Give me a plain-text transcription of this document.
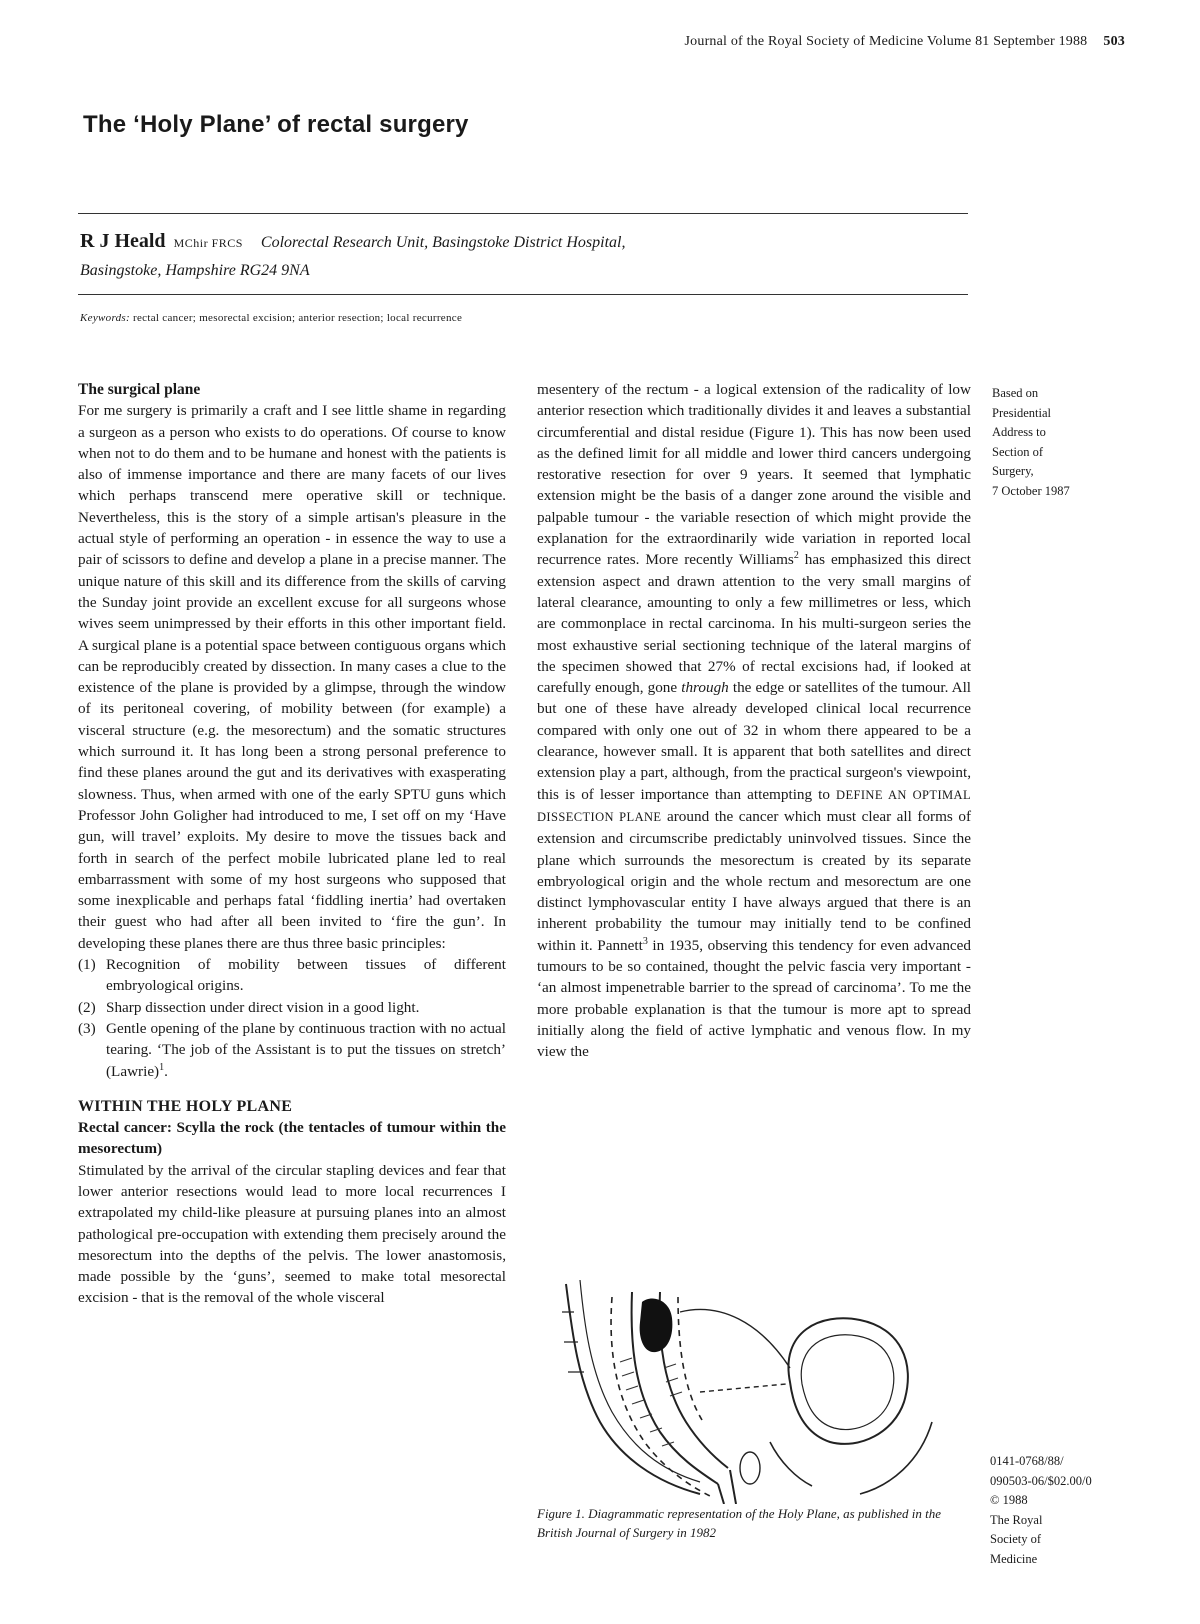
Journal of the Royal Society of Medicine Volume 81 September 1988 503
The ‘Holy Plane’ of rectal surgery
R J Heald MChir FRCS Colorectal Research Unit, Basingstoke District Hospital,
Basingstoke, Hampshire RG24 9NA
Keywords: rectal cancer; mesorectal excision; anterior resection; local recurrence

The surgical plane

For me surgery is primarily a craft and I see little shame in regarding a surgeon as a person who exists to do operations. Of course to know when not to do them and to be humane and honest with the patients is also of immense importance and there are many facets of our lives which perhaps transcend mere operative skill or technique. Nevertheless, this is the story of a simple artisan's pleasure in the actual style of performing an operation - in essence the way to use a pair of scissors to define and develop a plane in a precise manner. The unique nature of this skill and its difference from the skills of carving the Sunday joint provide an excellent excuse for all surgeons whose wives seem unimpressed by their efforts in this other important field. A surgical plane is a potential space between contiguous organs which can be reproducibly created by dissection. In many cases a clue to the existence of the plane is provided by a glimpse, through the window of its peritoneal covering, of mobility between (for example) a visceral structure (e.g. the mesorectum) and the somatic structures which surround it. It has long been a strong personal preference to find these planes around the gut and its derivatives with exasperating slowness. Thus, when armed with one of the early SPTU guns which Professor John Goligher had introduced to me, I set off on my ‘Have gun, will travel’ exploits. My desire to move the tissues back and forth in search of the perfect mobile lubricated plane led to real embarrassment with some of my host surgeons who supposed that some inexplicable and perhaps fatal ‘fiddling inertia’ had overtaken their guest who had after all been invited to ‘fire the gun’. In developing these planes there are thus three basic principles:

(1) Recognition of mobility between tissues of different embryological origins.
(2) Sharp dissection under direct vision in a good light.
(3) Gentle opening of the plane by continuous traction with no actual tearing. ‘The job of the Assistant is to put the tissues on stretch’ (Lawrie)$^1$.

WITHIN THE HOLY PLANE

Rectal cancer: Scylla the rock (the tentacles of tumour within the mesorectum)

Stimulated by the arrival of the circular stapling devices and fear that lower anterior resections would lead to more local recurrences I extrapolated my child-like pleasure at pursuing planes into an almost pathological pre-occupation with extending them precisely around the mesorectum into the depths of the pelvis. The lower anastomosis, made possible by the ‘guns’, seemed to make total mesorectal excision - that is the removal of the whole visceral

mesentery of the rectum - a logical extension of the radicality of low anterior resection which traditionally divides it and leaves a substantial circumferential and distal residue (Figure 1). This has now been used as the defined limit for all middle and lower third cancers undergoing restorative resection for over 9 years. It seemed that lymphatic extension might be the basis of a danger zone around the visible and palpable tumour - the variable resection of which might provide the explanation for the extraordinarily wide variation in reported local recurrence rates. More recently Williams$^2$ has emphasized this direct extension aspect and drawn attention to the very small margins of lateral clearance, amounting to only a few millimetres or less, which are commonplace in rectal carcinoma. In his multi-surgeon series the most exhaustive serial sectioning technique of the lateral margins of the specimen showed that 27% of rectal excisions had, if looked at carefully enough, gone through the edge or satellites of the tumour. All but one of these have already developed clinical local recurrence compared with only one out of 32 in whom there appeared to be a clearance, however small. It is apparent that both satellites and direct extension play a part, although, from the practical surgeon's viewpoint, this is of lesser importance than attempting to DEFINE AN OPTIMAL DISSECTION PLANE around the cancer which must clear all forms of extension and circumscribe predictably uninvolved tissues. Since the plane which surrounds the mesorectum is created by its separate embryological origin and the whole rectum and mesorectum are one distinct lymphovascular entity I have always argued that there is an inherent probability the tumour may initially tend to be confined within it. Pannett$^3$ in 1935, observing this tendency for even advanced tumours to be so contained, thought the pelvic fascia very important - ‘an almost impenetrable barrier to the spread of carcinoma’. To me the more probable explanation is that the tumour is more apt to spread initially along the field of active lymphatic and venous flow. In my view the

Based on
Presidential
Address to
Section of
Surgery,
7 October 1987
Figure 1. Diagrammatic representation of the Holy Plane, as published in the British Journal of Surgery in 1982
0141-0768/88/
090503-06/$02.00/0
© 1988
The Royal
Society of
Medicine
